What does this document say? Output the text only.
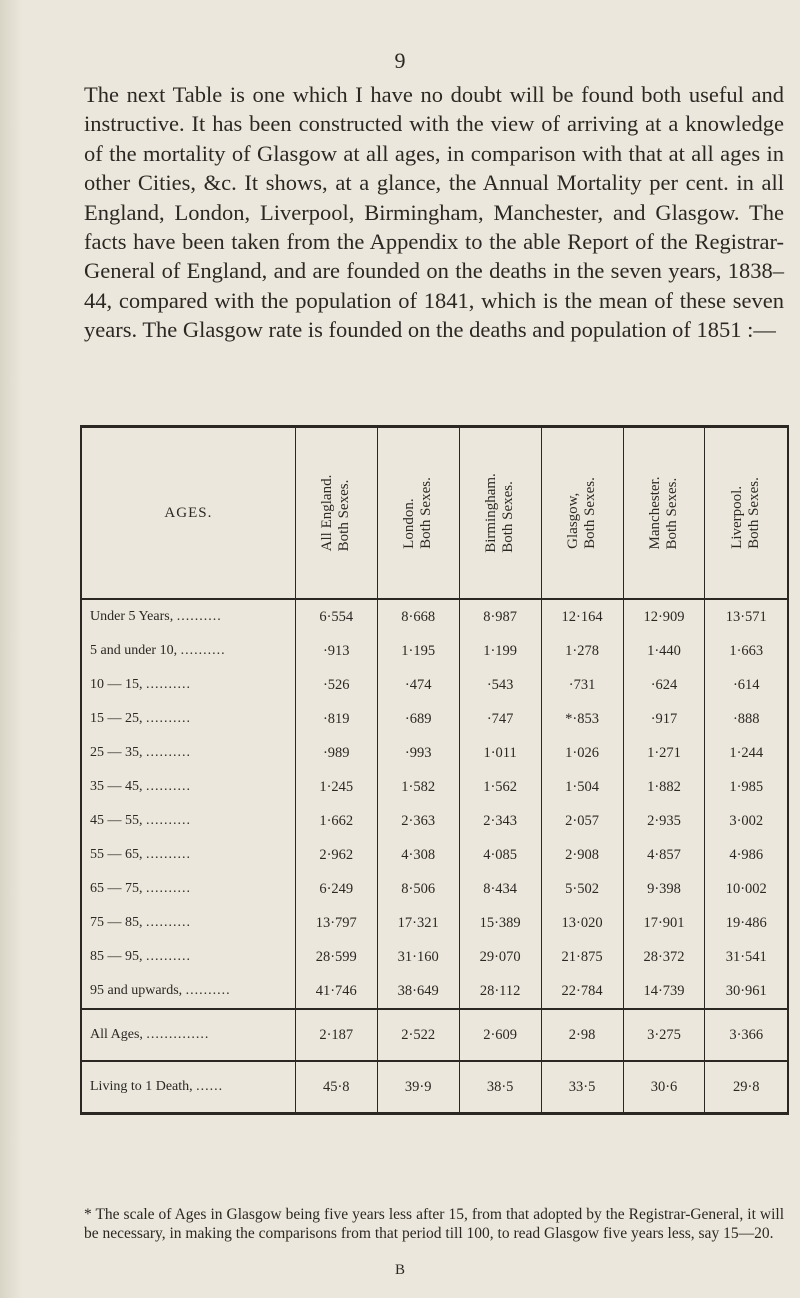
9

The next Table is one which I have no doubt will be found both useful and instructive. It has been constructed with the view of arriving at a knowledge of the mortality of Glasgow at all ages, in comparison with that at all ages in other Cities, &c. It shows, at a glance, the Annual Mortality per cent. in all England, London, Liverpool, Birmingham, Manchester, and Glasgow. The facts have been taken from the Appendix to the able Report of the Registrar-General of England, and are founded on the deaths in the seven years, 1838–44, compared with the population of 1841, which is the mean of these seven years. The Glasgow rate is founded on the deaths and population of 1851 :—

AGES.	All England. Both Sexes.	London. Both Sexes.	Birmingham. Both Sexes.	Glasgow, Both Sexes.	Manchester. Both Sexes.	Liverpool. Both Sexes.

Under 5 Years, ..........	6·554	8·668	8·987	12·164	12·909	13·571
5 and under 10, ..........	·913	1·195	1·199	1·278	1·440	1·663
10 — 15, ..........	·526	·474	·543	·731	·624	·614
15 — 25, ..........	·819	·689	·747	*·853	·917	·888
25 — 35, ..........	·989	·993	1·011	1·026	1·271	1·244
35 — 45, ..........	1·245	1·582	1·562	1·504	1·882	1·985
45 — 55, ..........	1·662	2·363	2·343	2·057	2·935	3·002
55 — 65, ..........	2·962	4·308	4·085	2·908	4·857	4·986
65 — 75, ..........	6·249	8·506	8·434	5·502	9·398	10·002
75 — 85, ..........	13·797	17·321	15·389	13·020	17·901	19·486
85 — 95, ..........	28·599	31·160	29·070	21·875	28·372	31·541
95 and upwards, ..........	41·746	38·649	28·112	22·784	14·739	30·961
All Ages, ..............	2·187	2·522	2·609	2·98	3·275	3·366
Living to 1 Death, ......	45·8	39·9	38·5	33·5	30·6	29·8

* The scale of Ages in Glasgow being five years less after 15, from that adopted by the Registrar-General, it will be necessary, in making the comparisons from that period till 100, to read Glasgow five years less, say 15—20.

B
